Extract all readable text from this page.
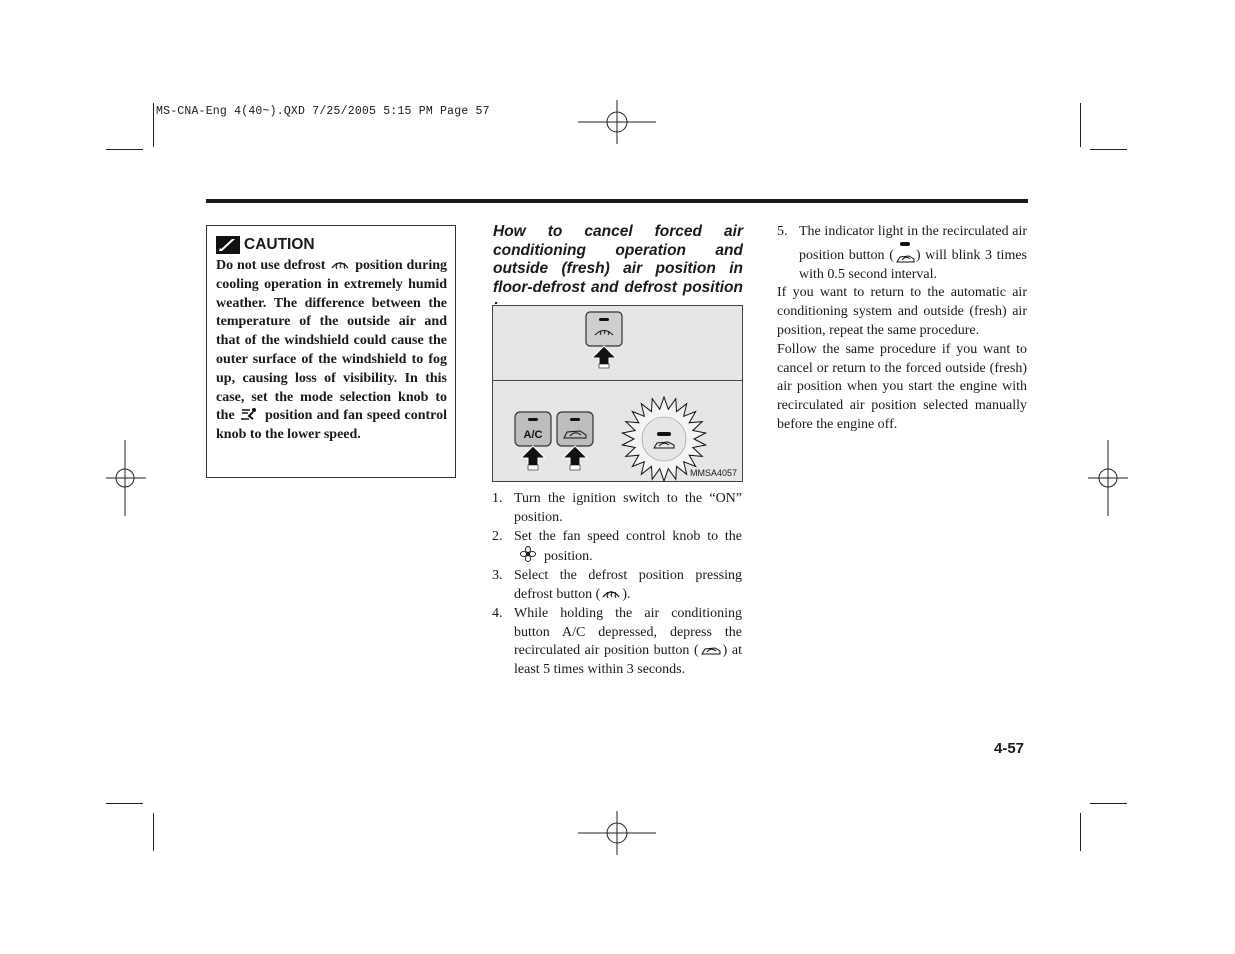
MS-CNA-Eng 4(40~).QXD 7/25/2005 5:15 PM Page 57
CAUTION
Do not use defrost position during cooling operation in extremely humid weather. The difference between the temperature of the outside air and that of the windshield could cause the outer surface of the windshield to fog up, causing loss of visibility. In this case, set the mode selection knob to the position and fan speed control knob to the lower speed.
How to cancel forced air conditioning operation and outside (fresh) air position in floor-defrost and defrost position
A/C
MMSA4057
1. Turn the ignition switch to the “ON” position.
2. Set the fan speed control knob to the position.
3. Select the defrost position pressing defrost button ( ).
4. While holding the air conditioning button A/C depressed, depress the recirculated air position button ( ) at least 5 times within 3 seconds.
5. The indicator light in the recirculated air position button ( ) will blink 3 times with 0.5 second interval.

If you want to return to the automatic air conditioning system and outside (fresh) air position, repeat the same procedure.

Follow the same procedure if you want to cancel or return to the forced outside (fresh) air position when you start the engine with recirculated air position selected manually before the engine off.

4-57
